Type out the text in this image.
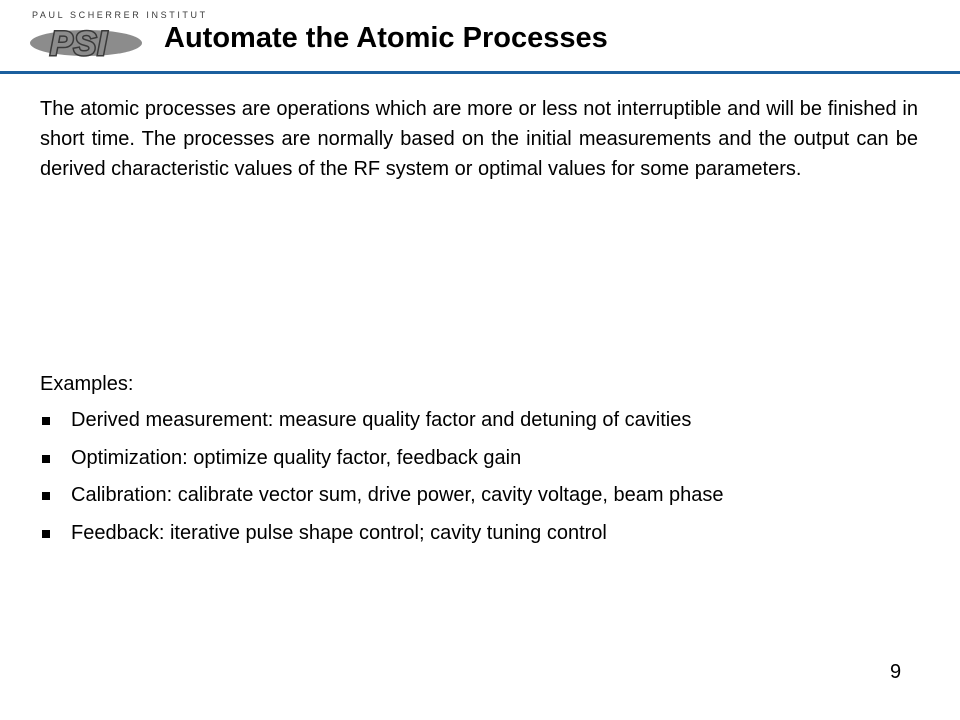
PAUL SCHERRER INSTITUT
PSI Automate the Atomic Processes
The atomic processes are operations which are more or less not interruptible and will be finished in short time. The processes are normally based on the initial measurements and the output can be derived characteristic values of the RF system or optimal values for some parameters.
Examples:
Derived measurement: measure quality factor and detuning of cavities
Optimization: optimize quality factor, feedback gain
Calibration: calibrate vector sum, drive power, cavity voltage, beam phase
Feedback: iterative pulse shape control; cavity tuning control
9
